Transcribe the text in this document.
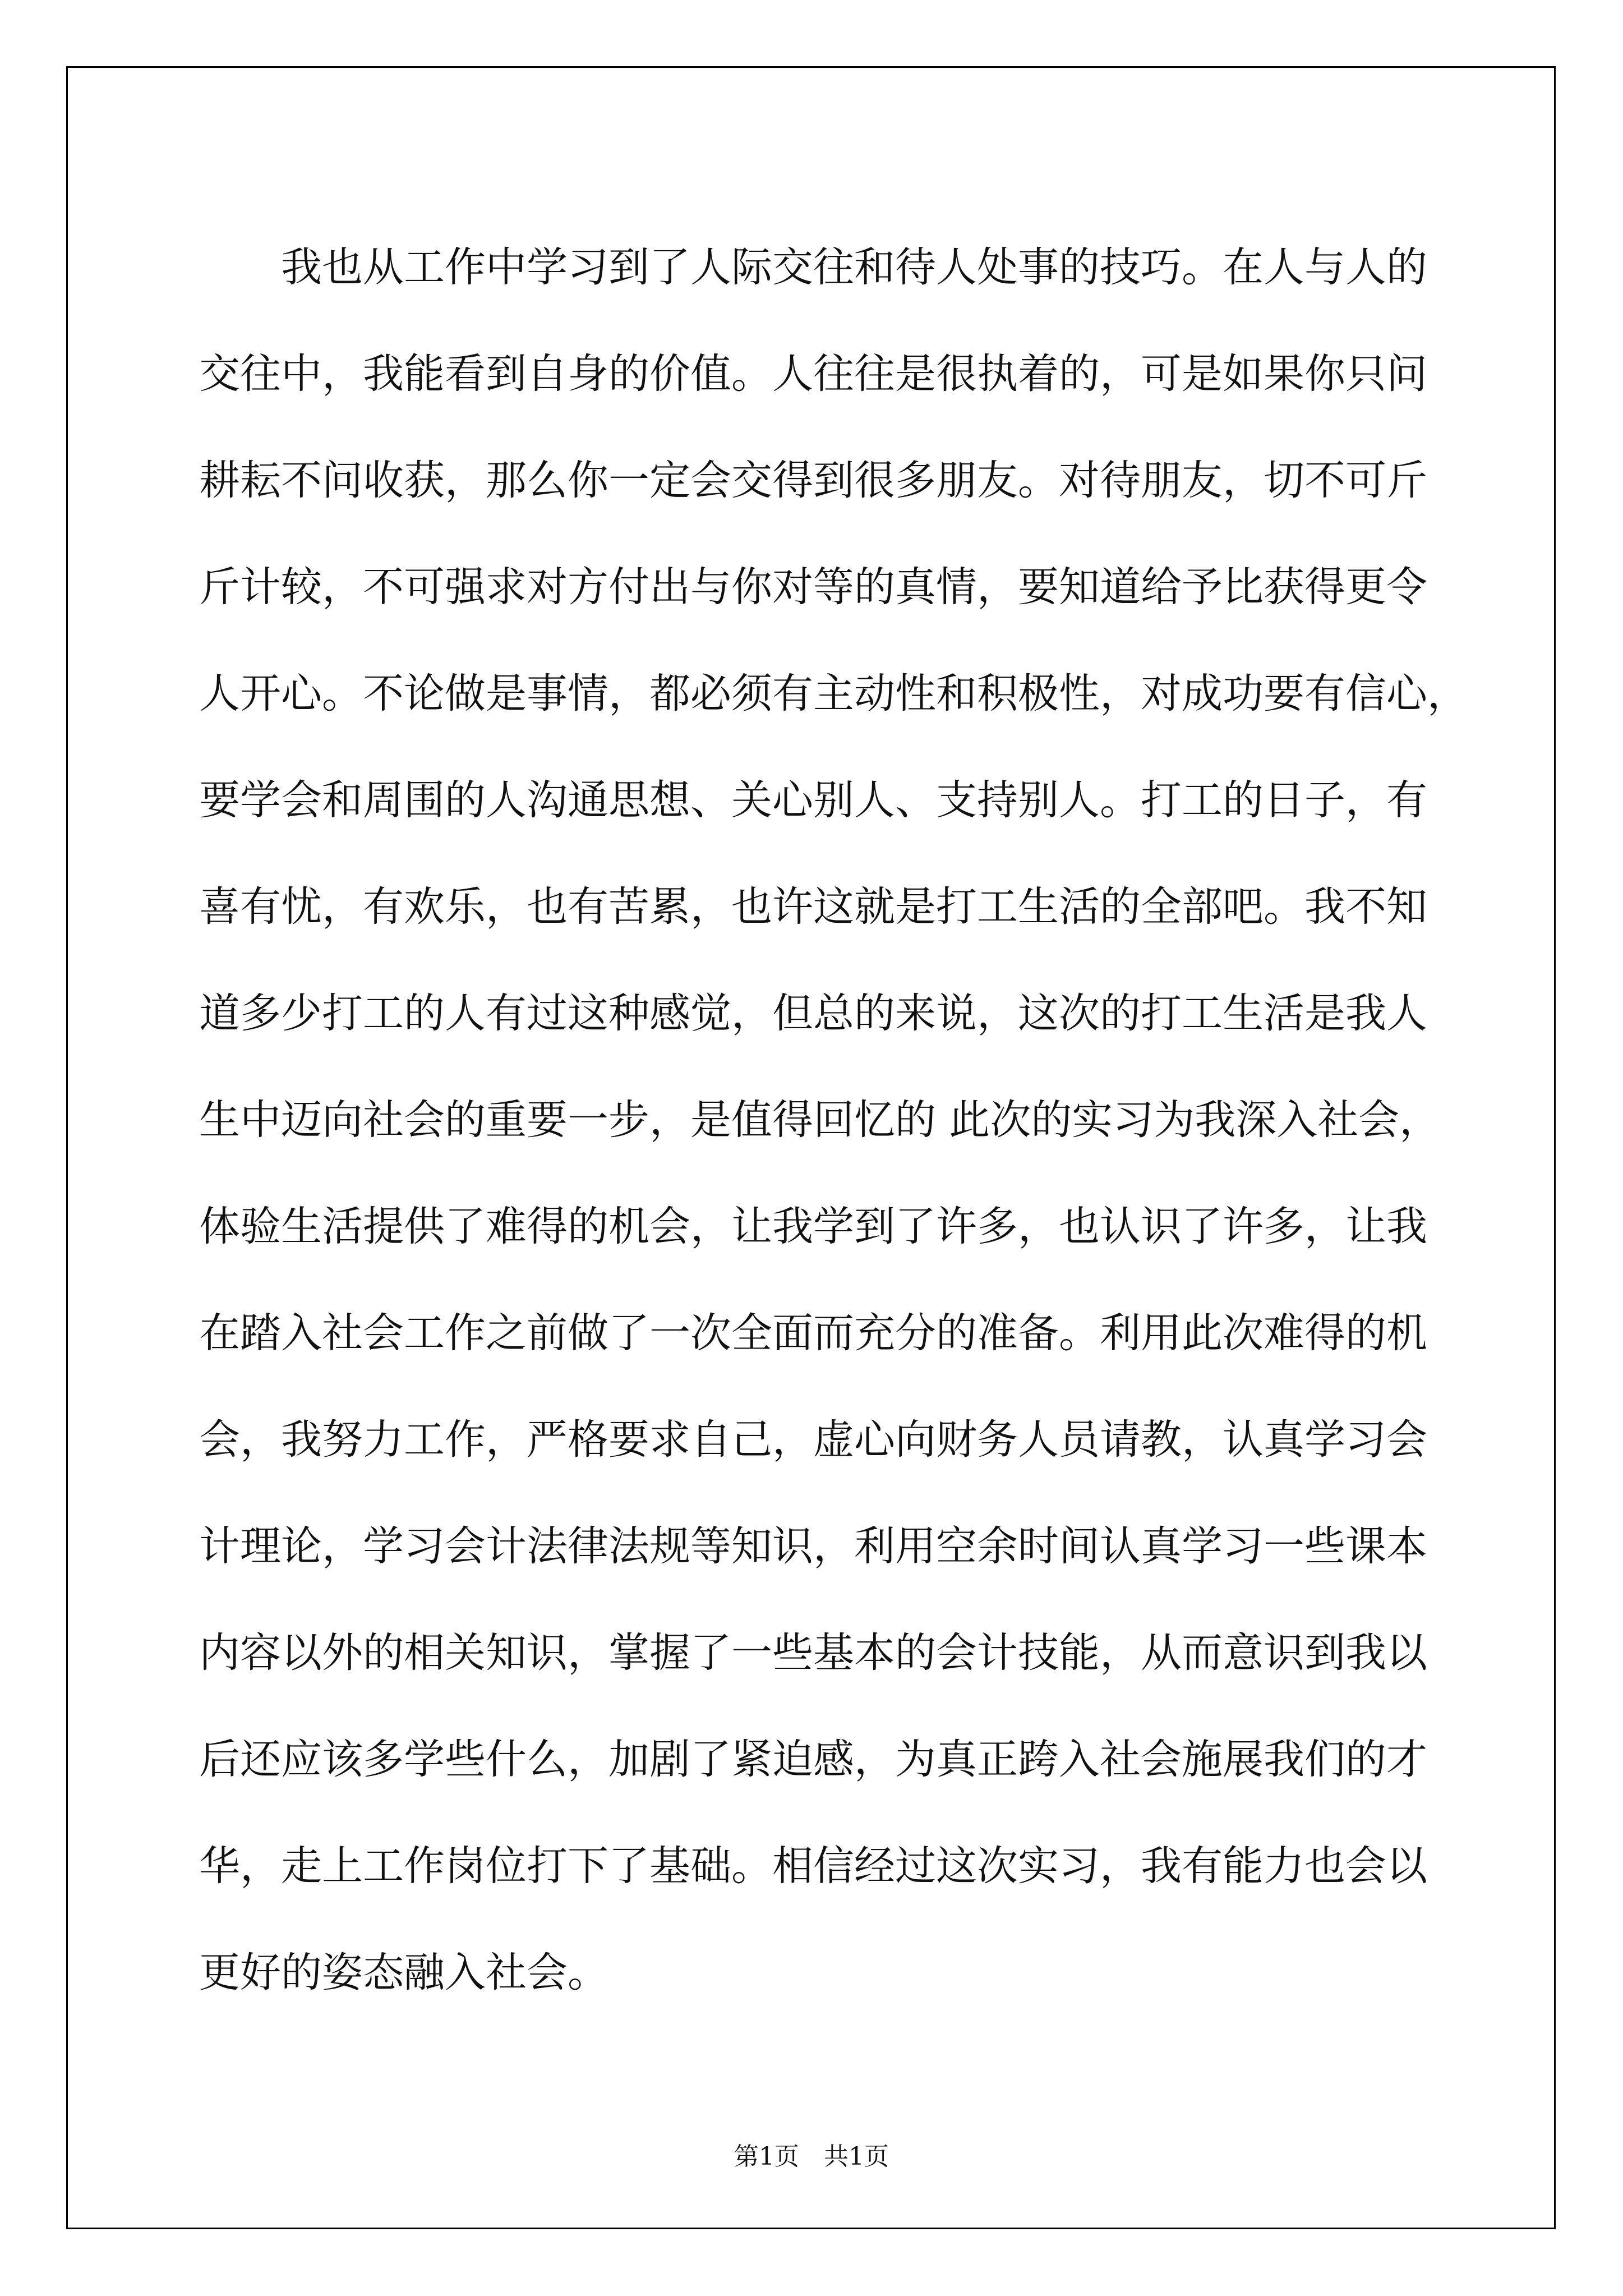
　　我也从工作中学习到了人际交往和待人处事的技巧。在人与人的
交往中，我能看到自身的价值。人往往是很执着的，可是如果你只问
耕耘不问收获，那么你一定会交得到很多朋友。对待朋友，切不可斤
斤计较，不可强求对方付出与你对等的真情，要知道给予比获得更令
人开心。不论做是事情，都必须有主动性和积极性，对成功要有信心，
要学会和周围的人沟通思想、关心别人、支持别人。打工的日子，有
喜有忧，有欢乐，也有苦累，也许这就是打工生活的全部吧。我不知
道多少打工的人有过这种感觉，但总的来说，这次的打工生活是我人
生中迈向社会的重要一步，是值得回忆的 此次的实习为我深入社会，
体验生活提供了难得的机会，让我学到了许多，也认识了许多，让我
在踏入社会工作之前做了一次全面而充分的准备。利用此次难得的机
会，我努力工作，严格要求自己，虚心向财务人员请教，认真学习会
计理论，学习会计法律法规等知识，利用空余时间认真学习一些课本
内容以外的相关知识，掌握了一些基本的会计技能，从而意识到我以
后还应该多学些什么，加剧了紧迫感，为真正跨入社会施展我们的才
华，走上工作岗位打下了基础。相信经过这次实习，我有能力也会以
更好的姿态融入社会。
第1页　共1页
